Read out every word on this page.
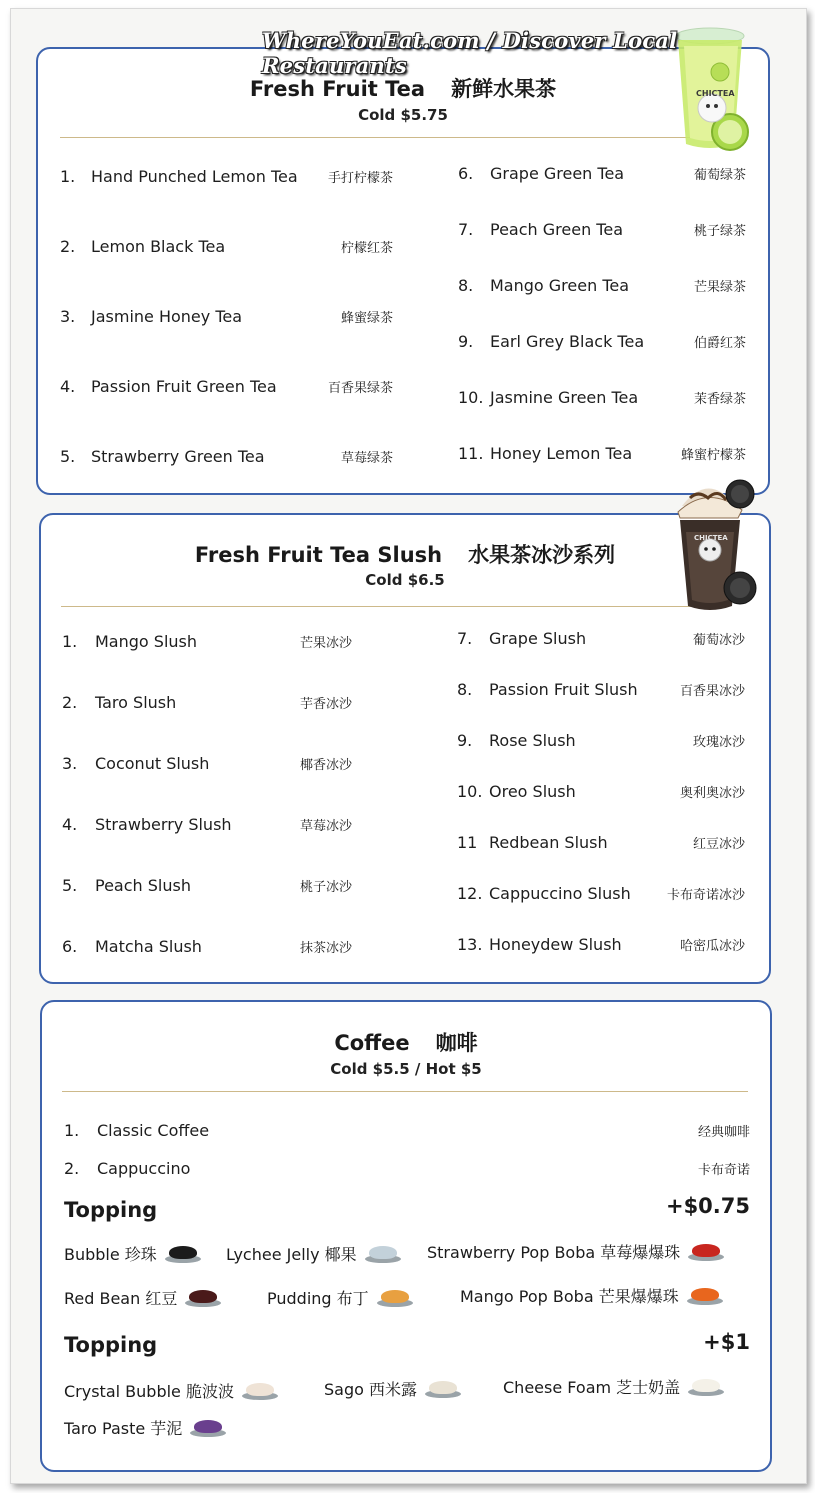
WhereYouEat.com / Discover Local Restaurants
Fresh Fruit Tea 新鲜水果茶
Cold $5.75
1. Hand Punched Lemon Tea 手打柠檬茶
2. Lemon Black Tea	柠檬红茶
3. Jasmine Honey Tea	蜂蜜绿茶
4. Passion Fruit Green Tea	百香果绿茶
5. Strawberry Green Tea	草莓绿茶
6. Grape Green Tea	葡萄绿茶
7. Peach Green Tea	桃子绿茶
8. Mango Green Tea	芒果绿茶
9. Earl Grey Black Tea	伯爵红茶
10. Jasmine Green Tea	茉香绿茶
11. Honey Lemon Tea	蜂蜜柠檬茶
CHICTEA
Fresh Fruit Tea Slush 水果茶冰沙系列
Cold $6.5
1. Mango Slush	芒果冰沙
2. Taro Slush	芋香冰沙
3. Coconut Slush	椰香冰沙
4. Strawberry Slush	草莓冰沙
5. Peach Slush	桃子冰沙
6. Matcha Slush	抹茶冰沙
7. Grape Slush	葡萄冰沙
8. Passion Fruit Slush	百香果冰沙
9. Rose Slush	玫瑰冰沙
10. Oreo Slush	奥利奥冰沙
11 Redbean Slush	红豆冰沙
12. Cappuccino Slush	卡布奇诺冰沙
13. Honeydew Slush	哈密瓜冰沙
CHICTEA
Coffee 咖啡
Cold $5.5 / Hot $5
1. Classic Coffee	经典咖啡
2. Cappuccino	卡布奇诺
Topping	+$0.75
Bubble 珍珠	Lychee Jelly 椰果	Strawberry Pop Boba 草莓爆爆珠
Red Bean 红豆	Pudding 布丁	Mango Pop Boba 芒果爆爆珠
Topping	+$1
Crystal Bubble 脆波波	Sago 西米露	Cheese Foam 芝士奶盖
Taro Paste 芋泥
